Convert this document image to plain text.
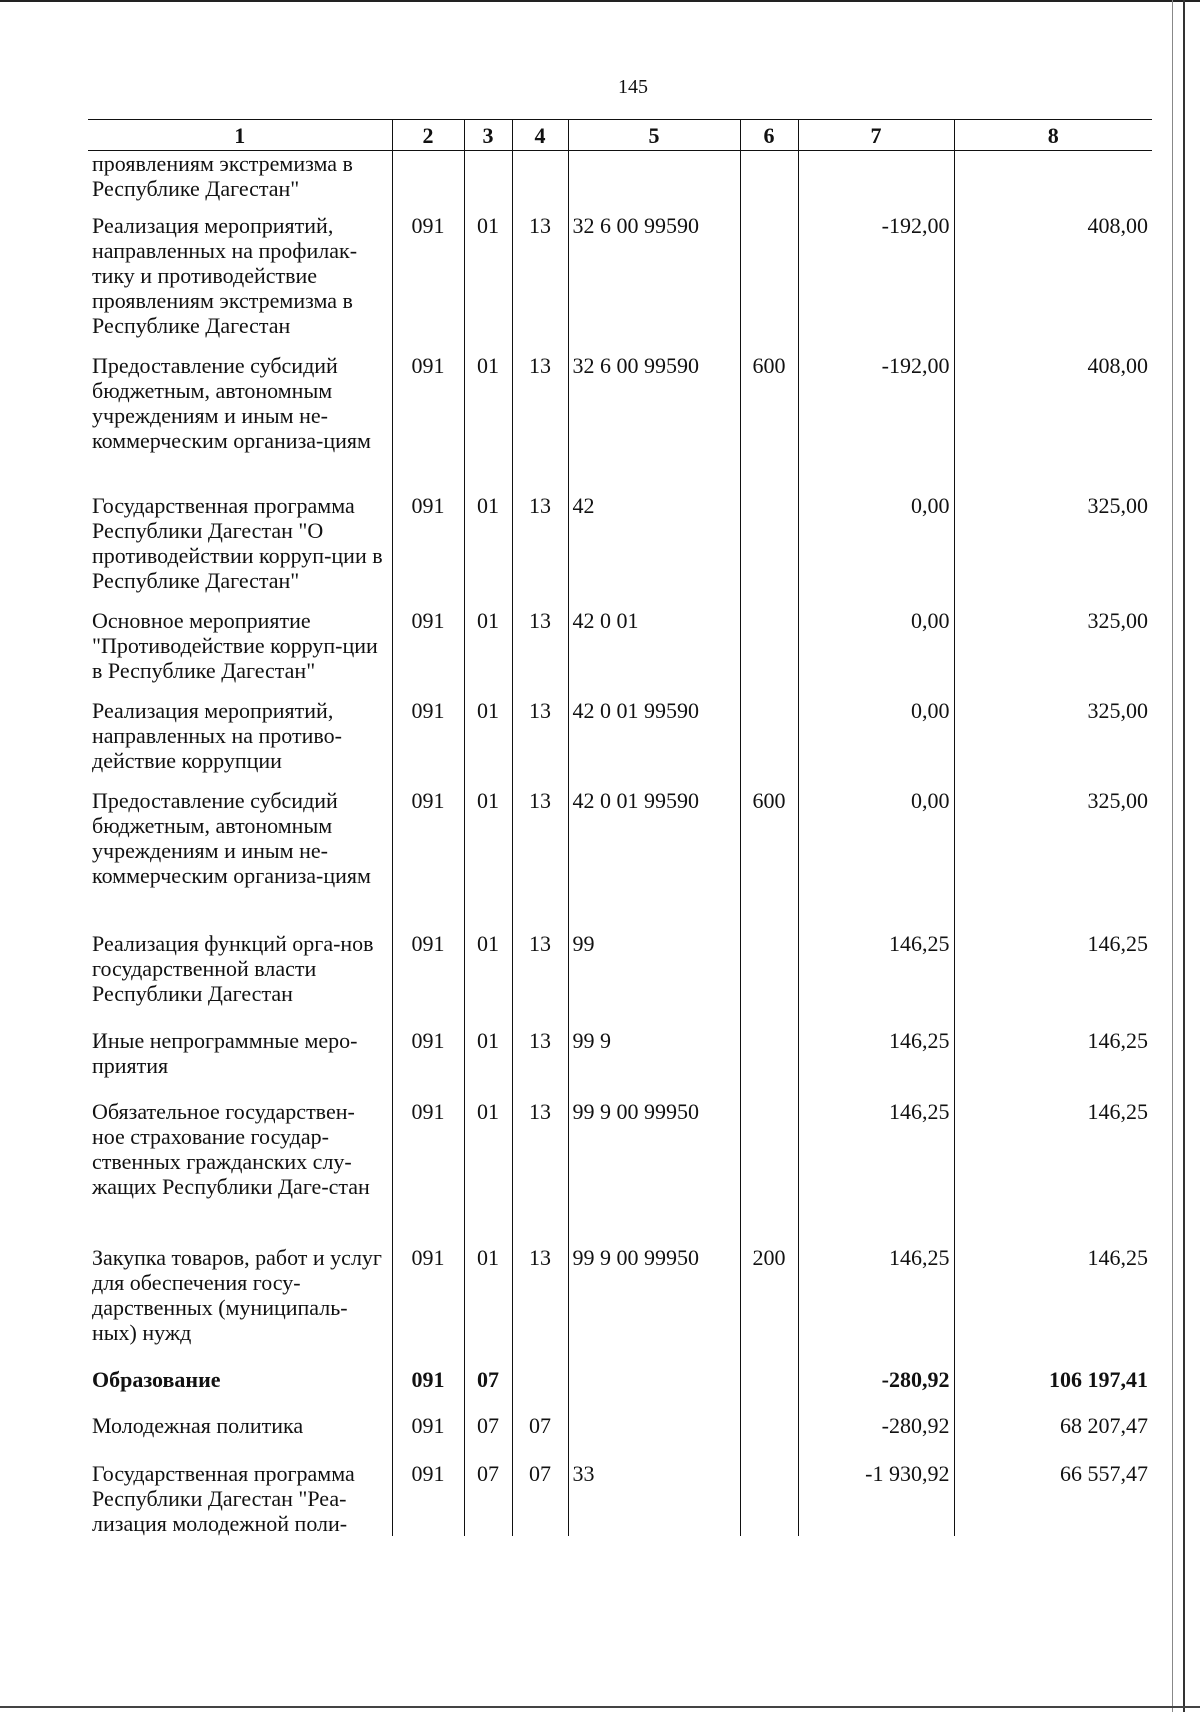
145
1	2	3	4	5	6	7	8
проявлениям экстремизма в Республике Дагестан"							
Реализация мероприятий, направленных на профилак-тику и противодействие проявлениям экстремизма в Республике Дагестан	091	01	13	32 6 00 99590		-192,00	408,00
Предоставление субсидий бюджетным, автономным учреждениям и иным не-коммерческим организа-циям	091	01	13	32 6 00 99590	600	-192,00	408,00
Государственная программа Республики Дагестан "О противодействии корруп-ции в Республике Дагестан"	091	01	13	42		0,00	325,00
Основное мероприятие "Противодействие корруп-ции в Республике Дагестан"	091	01	13	42 0 01		0,00	325,00
Реализация мероприятий, направленных на противо-действие коррупции	091	01	13	42 0 01 99590		0,00	325,00
Предоставление субсидий бюджетным, автономным учреждениям и иным не-коммерческим организа-циям	091	01	13	42 0 01 99590	600	0,00	325,00
Реализация функций орга-нов государственной власти Республики Дагестан	091	01	13	99		146,25	146,25
Иные непрограммные меро-приятия	091	01	13	99 9		146,25	146,25
Обязательное государствен-ное страхование государ-ственных гражданских слу-жащих Республики Даге-стан	091	01	13	99 9 00 99950		146,25	146,25
Закупка товаров, работ и услуг для обеспечения госу-дарственных (муниципаль-ных) нужд	091	01	13	99 9 00 99950	200	146,25	146,25
Образование	091	07				-280,92	106 197,41
Молодежная политика	091	07	07			-280,92	68 207,47
Государственная программа Республики Дагестан "Реа-лизация молодежной поли-	091	07	07	33		-1 930,92	66 557,47
